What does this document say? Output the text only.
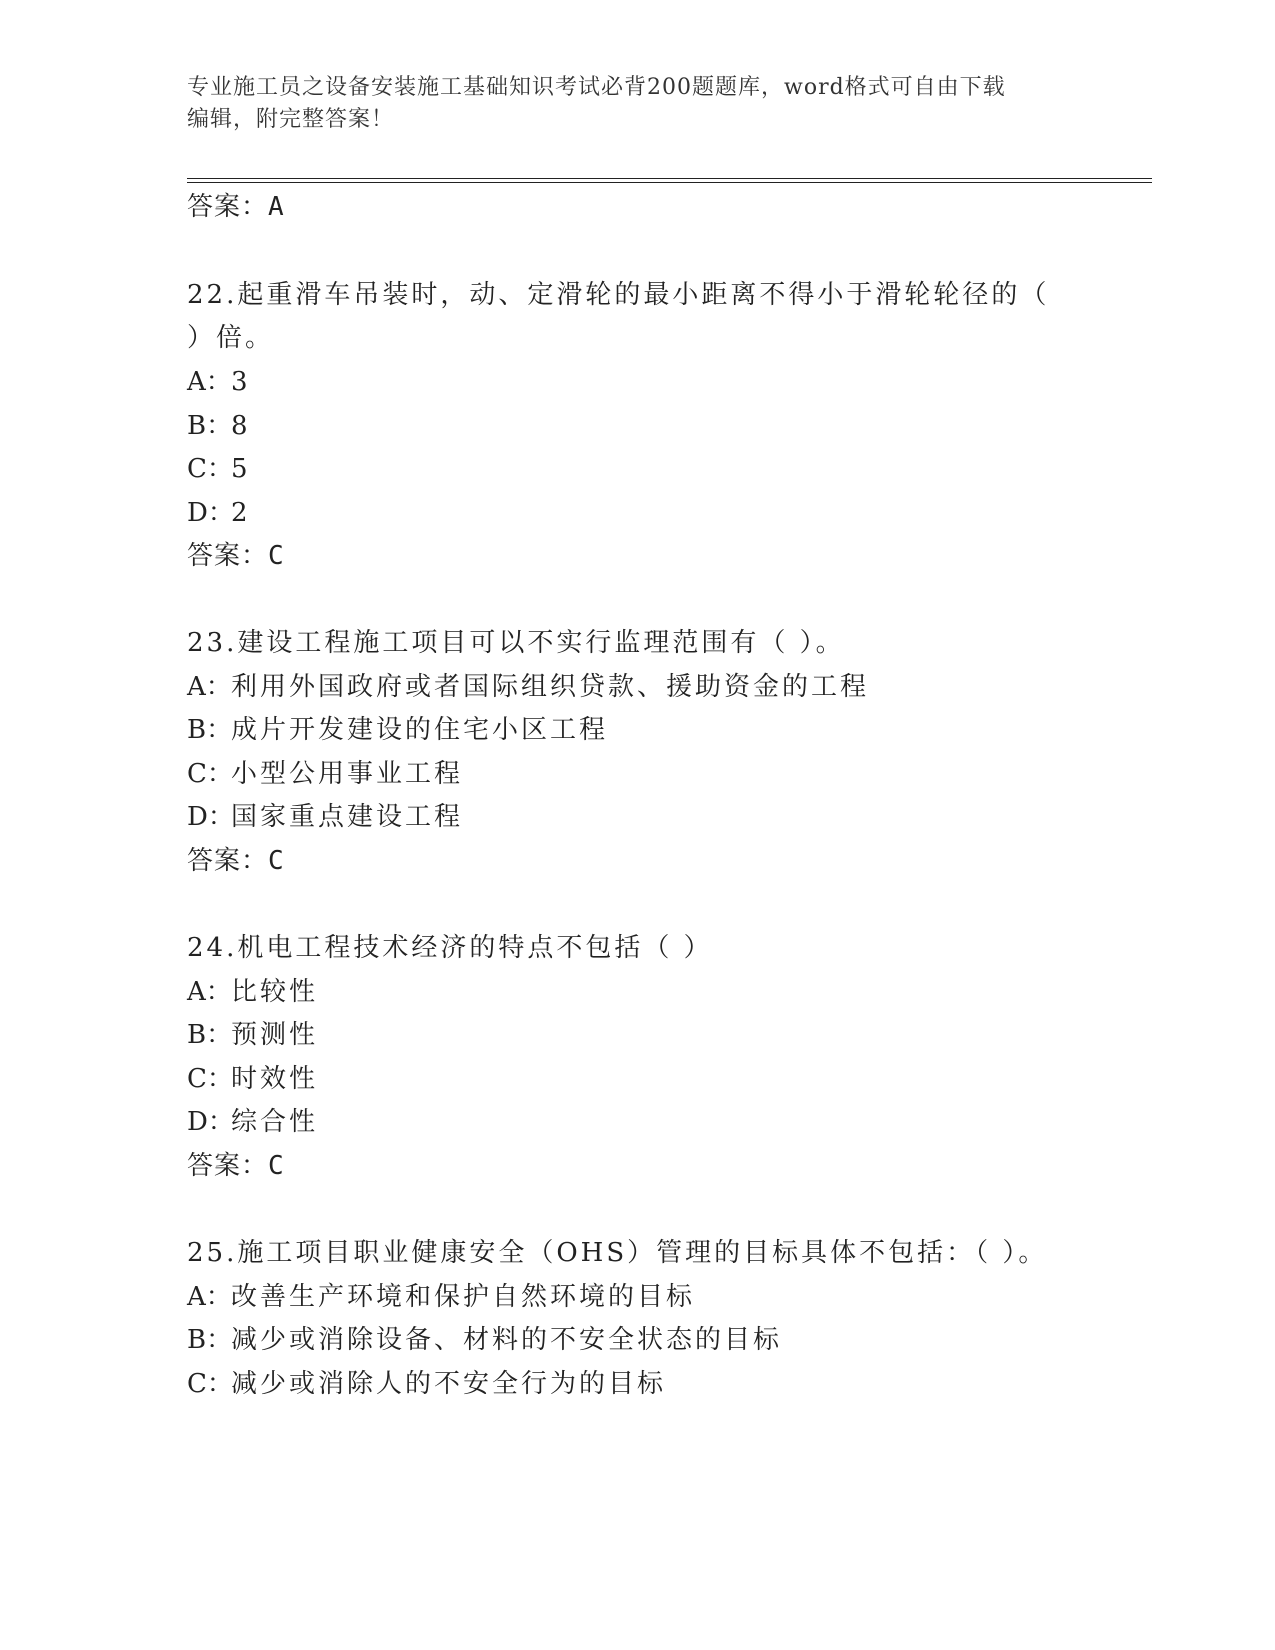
专业施工员之设备安装施工基础知识考试必背200题题库，word格式可自由下载
编辑，附完整答案！
答案：A
22.起重滑车吊装时，动、定滑轮的最小距离不得小于滑轮轮径的（
）倍。
A：3
B：8
C：5
D：2
答案：C
23.建设工程施工项目可以不实行监理范围有（ ）。
A：利用外国政府或者国际组织贷款、援助资金的工程
B：成片开发建设的住宅小区工程
C：小型公用事业工程
D：国家重点建设工程
答案：C
24.机电工程技术经济的特点不包括（ ）
A：比较性
B：预测性
C：时效性
D：综合性
答案：C
25.施工项目职业健康安全（OHS）管理的目标具体不包括：（ ）。
A：改善生产环境和保护自然环境的目标
B：减少或消除设备、材料的不安全状态的目标
C：减少或消除人的不安全行为的目标
